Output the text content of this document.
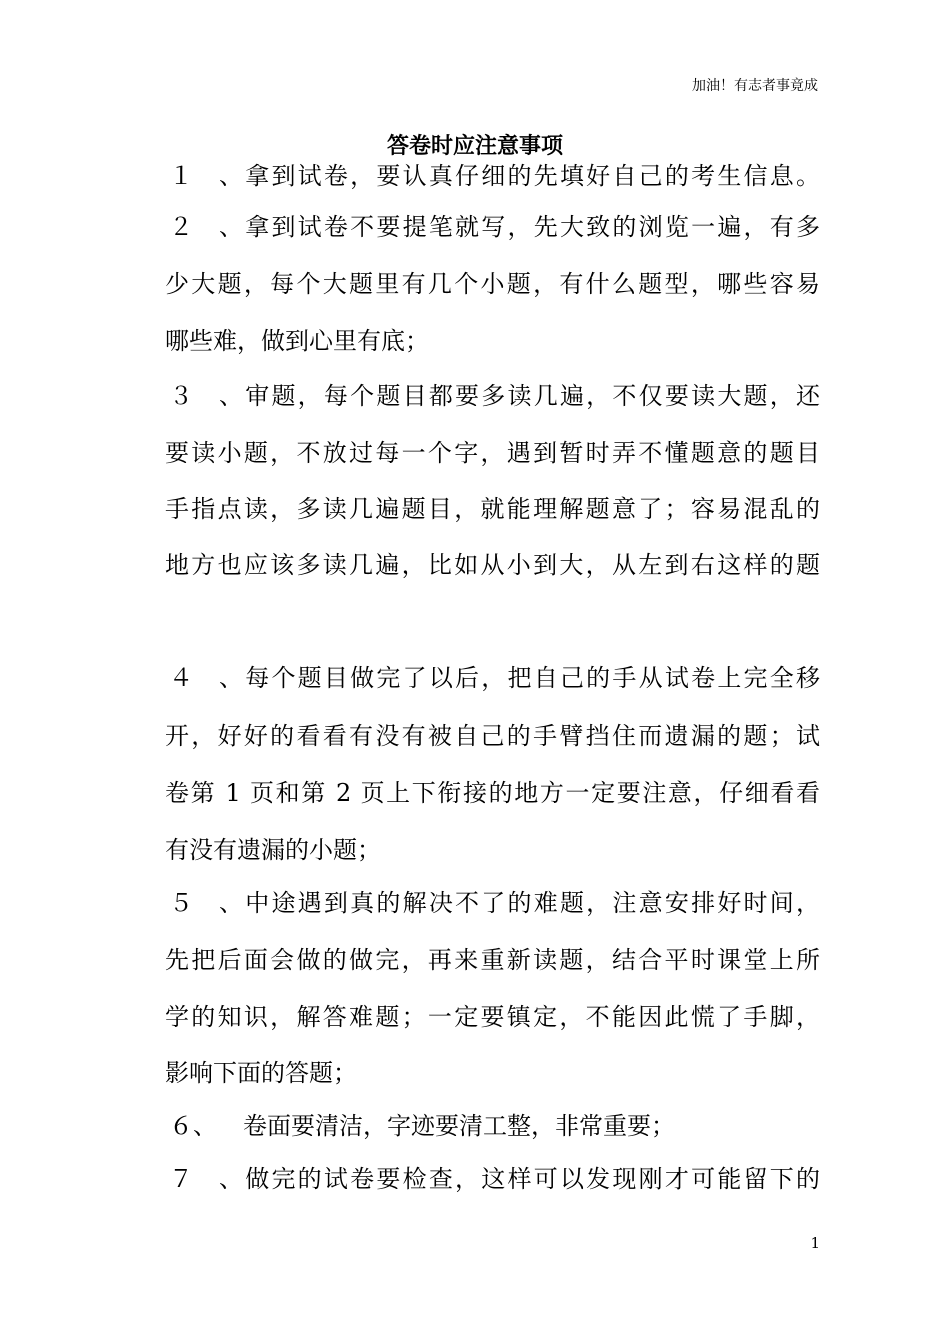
加油！有志者事竟成
答卷时应注意事项
１、拿到试卷，要认真仔细的先填好自己的考生信息。
２、拿到试卷不要提笔就写，先大致的浏览一遍，有多
少大题，每个大题里有几个小题，有什么题型，哪些容易
哪些难，做到心里有底；
３、审题，每个题目都要多读几遍，不仅要读大题，还
要读小题，不放过每一个字，遇到暂时弄不懂题意的题目
手指点读，多读几遍题目，就能理解题意了；容易混乱的
地方也应该多读几遍，比如从小到大，从左到右这样的题
４、每个题目做完了以后，把自己的手从试卷上完全移
开，好好的看看有没有被自己的手臂挡住而遗漏的题；试
卷第 1 页和第 2 页上下衔接的地方一定要注意，仔细看看
有没有遗漏的小题；
５、中途遇到真的解决不了的难题，注意安排好时间，
先把后面会做的做完，再来重新读题，结合平时课堂上所
学的知识，解答难题；一定要镇定，不能因此慌了手脚，
影响下面的答题；
６、 卷面要清洁，字迹要清工整，非常重要；
７、做完的试卷要检查，这样可以发现刚才可能留下的
1
